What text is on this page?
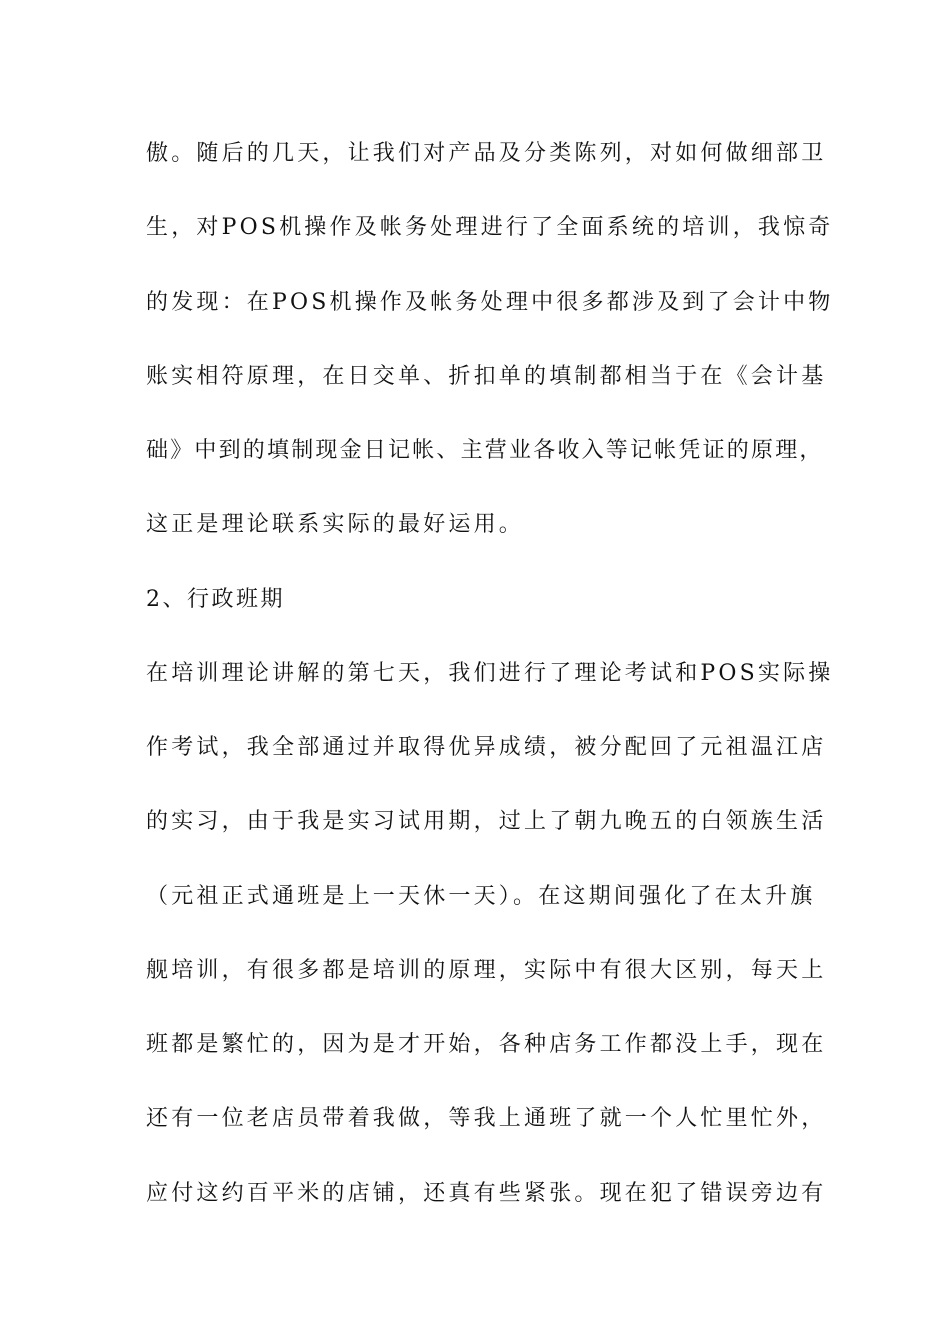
傲。随后的几天，让我们对产品及分类陈列，对如何做细部卫
生，对POS机操作及帐务处理进行了全面系统的培训，我惊奇
的发现：在POS机操作及帐务处理中很多都涉及到了会计中物
账实相符原理，在日交单、折扣单的填制都相当于在《会计基
础》中到的填制现金日记帐、主营业各收入等记帐凭证的原理，
这正是理论联系实际的最好运用。
2、行政班期
在培训理论讲解的第七天，我们进行了理论考试和POS实际操
作考试，我全部通过并取得优异成绩，被分配回了元祖温江店
的实习，由于我是实习试用期，过上了朝九晚五的白领族生活
（元祖正式通班是上一天休一天）。在这期间强化了在太升旗
舰培训，有很多都是培训的原理，实际中有很大区别，每天上
班都是繁忙的，因为是才开始，各种店务工作都没上手，现在
还有一位老店员带着我做，等我上通班了就一个人忙里忙外，
应付这约百平米的店铺，还真有些紧张。现在犯了错误旁边有
